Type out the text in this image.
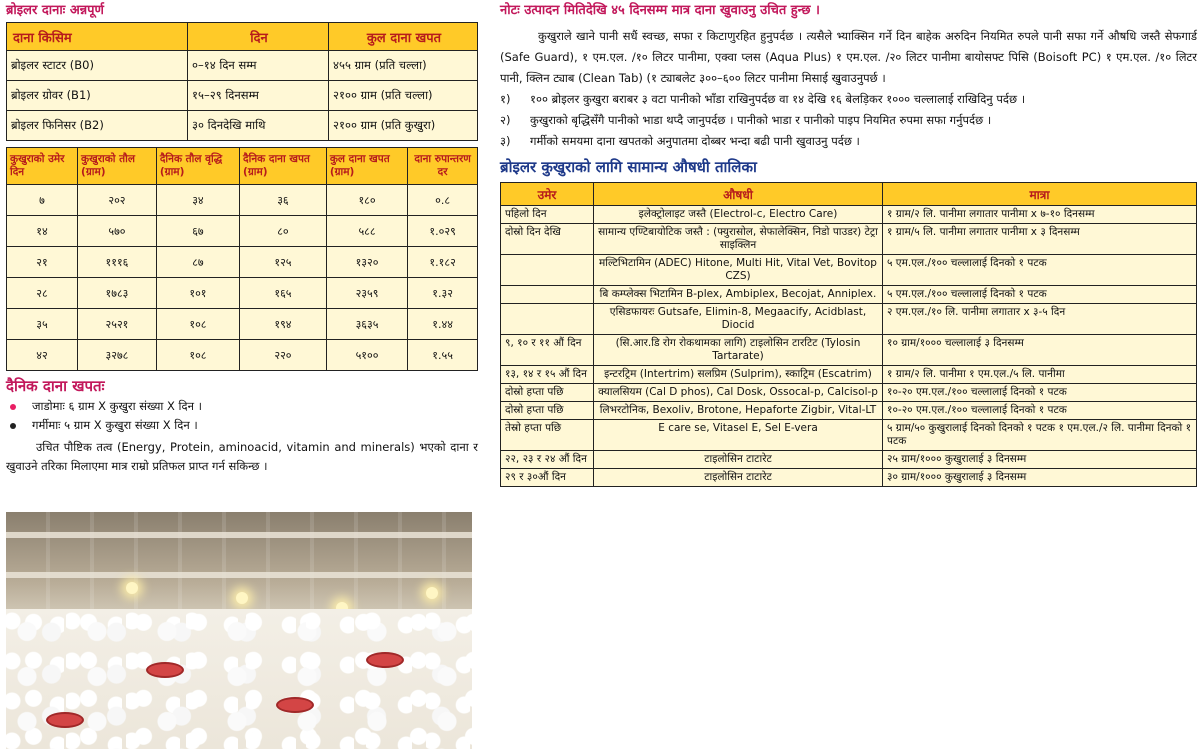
ब्रोइलर दानाः अन्नपूर्ण
दाना किसिम	दिन	कुल दाना खपत
ब्रोइलर स्टाटर (B0)	०–१४ दिन सम्म	४५५ ग्राम (प्रति चल्ला)
ब्रोइलर ग्रोवर (B1)	१५–२९ दिनसम्म	२१०० ग्राम (प्रति चल्ला)
ब्रोइलर फिनिसर (B2)	३० दिनदेखि माथि	२१०० ग्राम (प्रति कुखुरा)
कुखुराको उमेर दिन	कुखुराको तौल (ग्राम)	दैनिक तौल वृद्धि (ग्राम)	दैनिक दाना खपत (ग्राम)	कुल दाना खपत (ग्राम)	दाना रुपान्तरण दर
७	२०२	३४	३६	१८०	०.८
१४	५७०	६७	८०	५८८	१.०२९
२१	१११६	८७	१२५	१३२०	१.१८२
२८	१७८३	१०१	१६५	२३५९	१.३२
३५	२५२१	१०८	१९४	३६३५	१.४४
४२	३२७८	१०८	२२०	५१००	१.५५
दैनिक दाना खपतः
जाडोमाः ६ ग्राम X कुखुरा संख्या X दिन ।
गर्मीमाः ५ ग्राम X कुखुरा संख्या X दिन ।

उचित पौष्टिक तत्व (Energy, Protein, aminoacid, vitamin and minerals) भएको दाना र खुवाउने तरिका मिलाएमा मात्र राम्रो प्रतिफल प्राप्त गर्न सकिन्छ ।

नोटः उत्पादन मितिदेखि ४५ दिनसम्म मात्र दाना खुवाउनु उचित हुन्छ ।

कुखुराले खाने पानी सधैं स्वच्छ, सफा र किटाणुरहित हुनुपर्दछ । त्यसैले भ्याक्सिन गर्ने दिन बाहेक अरुदिन नियमित रुपले पानी सफा गर्ने औषधि जस्तै सेफगार्ड (Safe Guard), १ एम.एल. /१० लिटर पानीमा, एक्वा प्लस (Aqua Plus) १ एम.एल. /२० लिटर पानीमा बायोसफ्ट पिसि (Boisoft PC) १ एम.एल. /१० लिटर पानी, क्लिन ट्याब (Clean Tab) (१ ट्याबलेट ३००–६०० लिटर पानीमा मिसाई खुवाउनुपर्छ ।

१)	१०० ब्रोइलर कुखुरा बराबर ३ वटा पानीको भाँडा राखिनुपर्दछ वा १४ देखि १६ बेलड़िकर १००० चल्लालाई राखिदिनु पर्दछ ।
२)	कुखुराको बृद्धिसँगै पानीको भाडा थप्दै जानुपर्दछ । पानीको भाडा र पानीको पाइप नियमित रुपमा सफा गर्नुपर्दछ ।
३)	गर्मीको समयमा दाना खपतको अनुपातमा दोब्बर भन्दा बढी पानी खुवाउनु पर्दछ ।
ब्रोइलर कुखुराको लागि सामान्य औषधी तालिका
उमेर	औषधी	मात्रा
पहिलो दिन	इलेक्ट्रोलाइट जस्तै (Electrol-c, Electro Care)	१ ग्राम/२ लि. पानीमा लगातार पानीमा x ७-१० दिनसम्म
दोस्रो दिन देखि	सामान्य एण्टिबायोटिक जस्तै : (फ्युरासोल, सेफालेक्सिन, निडो पाउडर) टेट्रा साइक्लिन	१ ग्राम/५ लि. पानीमा लगातार पानीमा x ३ दिनसम्म
	मल्टिभिटामिन (ADEC) Hitone, Multi Hit, Vital Vet, Bovitop CZS)	५ एम.एल./१०० चल्लालाई दिनको १ पटक
	बि कम्प्लेक्स भिटामिन B-plex, Ambiplex, Becojat, Anniplex.	५ एम.एल./१०० चल्लालाई दिनको १ पटक
	एसिडफायरः Gutsafe, Elimin-8, Megaacify, Acidblast, Diocid	२ एम.एल./१० लि. पानीमा लगातार x ३-५ दिन
९, १० र ११ औं दिन	(सि.आर.डि रोग रोकथामका लागि) टाइलोसिन टारटिट (Tylosin Tartarate)	१० ग्राम/१००० चल्लालाई ३ दिनसम्म
१३, १४ र १५ औं दिन	इन्टरट्रिम (Intertrim) सलप्रिम (Sulprim), स्काट्रिम (Escatrim)	१ ग्राम/२ लि. पानीमा १ एम.एल./५ लि. पानीमा
दोस्रो हप्ता पछि	क्यालसियम (Cal D phos), Cal Dosk, Ossocal-p, Calcisol-p	१०-२० एम.एल./१०० चल्लालाई दिनको १ पटक
दोस्रो हप्ता पछि	लिभरटोनिक, Bexoliv, Brotone, Hepaforte Zigbir, Vital-LT	१०-२० एम.एल./१०० चल्लालाई दिनको १ पटक
तेस्रो हप्ता पछि	E care se, Vitasel E, Sel E-vera	५ ग्राम/५० कुखुरालाई दिनको दिनको १ पटक १ एम.एल./२ लि. पानीमा दिनको १ पटक
२२, २३ र २४ औं दिन	टाइलोसिन टाटारेट	२५ ग्राम/१००० कुखुरालाई ३ दिनसम्म
२९ र ३०औं दिन	टाइलोसिन टाटारेट	३० ग्राम/१००० कुखुरालाई ३ दिनसम्म
